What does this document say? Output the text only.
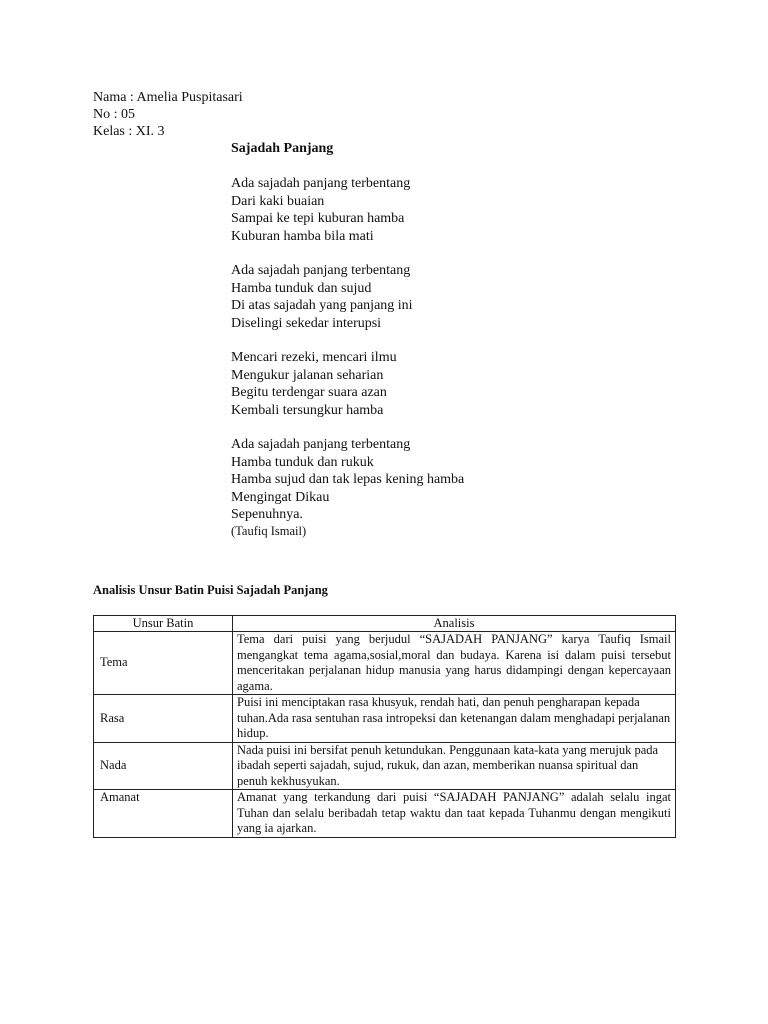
Nama : Amelia Puspitasari
No : 05
Kelas : XI. 3
Sajadah Panjang
Ada sajadah panjang terbentang
Dari kaki buaian
Sampai ke tepi kuburan hamba
Kuburan hamba bila mati
Ada sajadah panjang terbentang
Hamba tunduk dan sujud
Di atas sajadah yang panjang ini
Diselingi sekedar interupsi
Mencari rezeki, mencari ilmu
Mengukur jalanan seharian
Begitu terdengar suara azan
Kembali tersungkur hamba
Ada sajadah panjang terbentang
Hamba tunduk dan rukuk
Hamba sujud dan tak lepas kening hamba
Mengingat Dikau
Sepenuhnya.
(Taufiq Ismail)
Analisis Unsur Batin Puisi Sajadah Panjang
Unsur Batin	Analisis
Tema	Tema dari puisi yang berjudul “SAJADAH PANJANG” karya Taufiq Ismail mengangkat tema agama,sosial,moral dan budaya. Karena isi dalam puisi tersebut menceritakan perjalanan hidup manusia yang harus didampingi dengan kepercayaan agama.
Rasa	Puisi ini menciptakan rasa khusyuk, rendah hati, dan penuh pengharapan kepada tuhan.Ada rasa sentuhan rasa intropeksi dan ketenangan dalam menghadapi perjalanan hidup.
Nada	Nada puisi ini bersifat penuh ketundukan. Penggunaan kata-kata yang merujuk pada ibadah seperti sajadah, sujud, rukuk, dan azan, memberikan nuansa spiritual dan penuh kekhusyukan.
Amanat	Amanat yang terkandung dari puisi “SAJADAH PANJANG” adalah selalu ingat Tuhan dan selalu beribadah tetap waktu dan taat kepada Tuhanmu dengan mengikuti yang ia ajarkan.
